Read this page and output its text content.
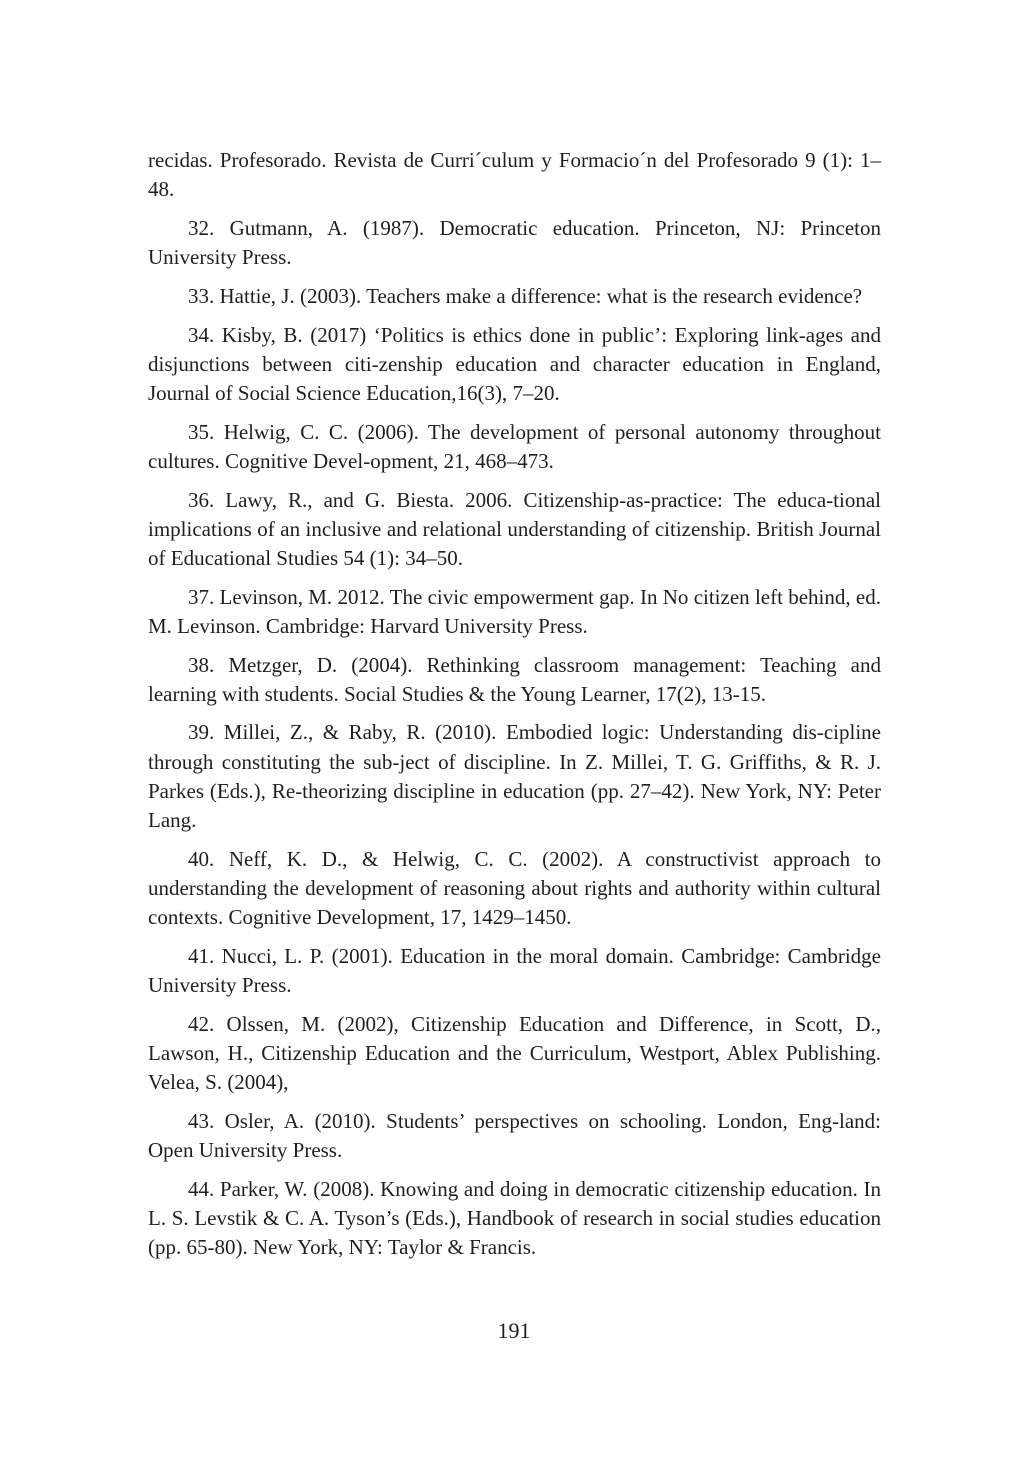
recidas. Profesorado. Revista de Curri´culum y Formacio´n del Profesorado 9 (1): 1–48.

32. Gutmann, A. (1987). Democratic education. Princeton, NJ: Princeton University Press.

33. Hattie, J. (2003). Teachers make a difference: what is the research evidence?

34. Kisby, B. (2017) ‘Politics is ethics done in public’: Exploring link-ages and disjunctions between citi-zenship education and character education in England, Journal of Social Science Education,16(3), 7–20.

35. Helwig, C. C. (2006). The development of personal autonomy throughout cultures. Cognitive Devel-opment, 21, 468–473.

36. Lawy, R., and G. Biesta. 2006. Citizenship-as-practice: The educa-tional implications of an inclusive and relational understanding of citizenship. British Journal of Educational Studies 54 (1): 34–50.

37. Levinson, M. 2012. The civic empowerment gap. In No citizen left behind, ed. M. Levinson. Cambridge: Harvard University Press.

38. Metzger, D. (2004). Rethinking classroom management: Teaching and learning with students. Social Studies & the Young Learner, 17(2), 13-15.

39. Millei, Z., & Raby, R. (2010). Embodied logic: Understanding dis-cipline through constituting the sub-ject of discipline. In Z. Millei, T. G. Griffiths, & R. J. Parkes (Eds.), Re-theorizing discipline in education (pp. 27–42). New York, NY: Peter Lang.

40. Neff, K. D., & Helwig, C. C. (2002). A constructivist approach to understanding the development of reasoning about rights and authority within cultural contexts. Cognitive Development, 17, 1429–1450.

41. Nucci, L. P. (2001). Education in the moral domain. Cambridge: Cambridge University Press.

42. Olssen, M. (2002), Citizenship Education and Difference, in Scott, D., Lawson, H., Citizenship Education and the Curriculum, Westport, Ablex Publishing. Velea, S. (2004),

43. Osler, A. (2010). Students’ perspectives on schooling. London, Eng-land: Open University Press.

44. Parker, W. (2008). Knowing and doing in democratic citizenship education. In L. S. Levstik & C. A. Tyson’s (Eds.), Handbook of research in social studies education (pp. 65-80). New York, NY: Taylor & Francis.

191
